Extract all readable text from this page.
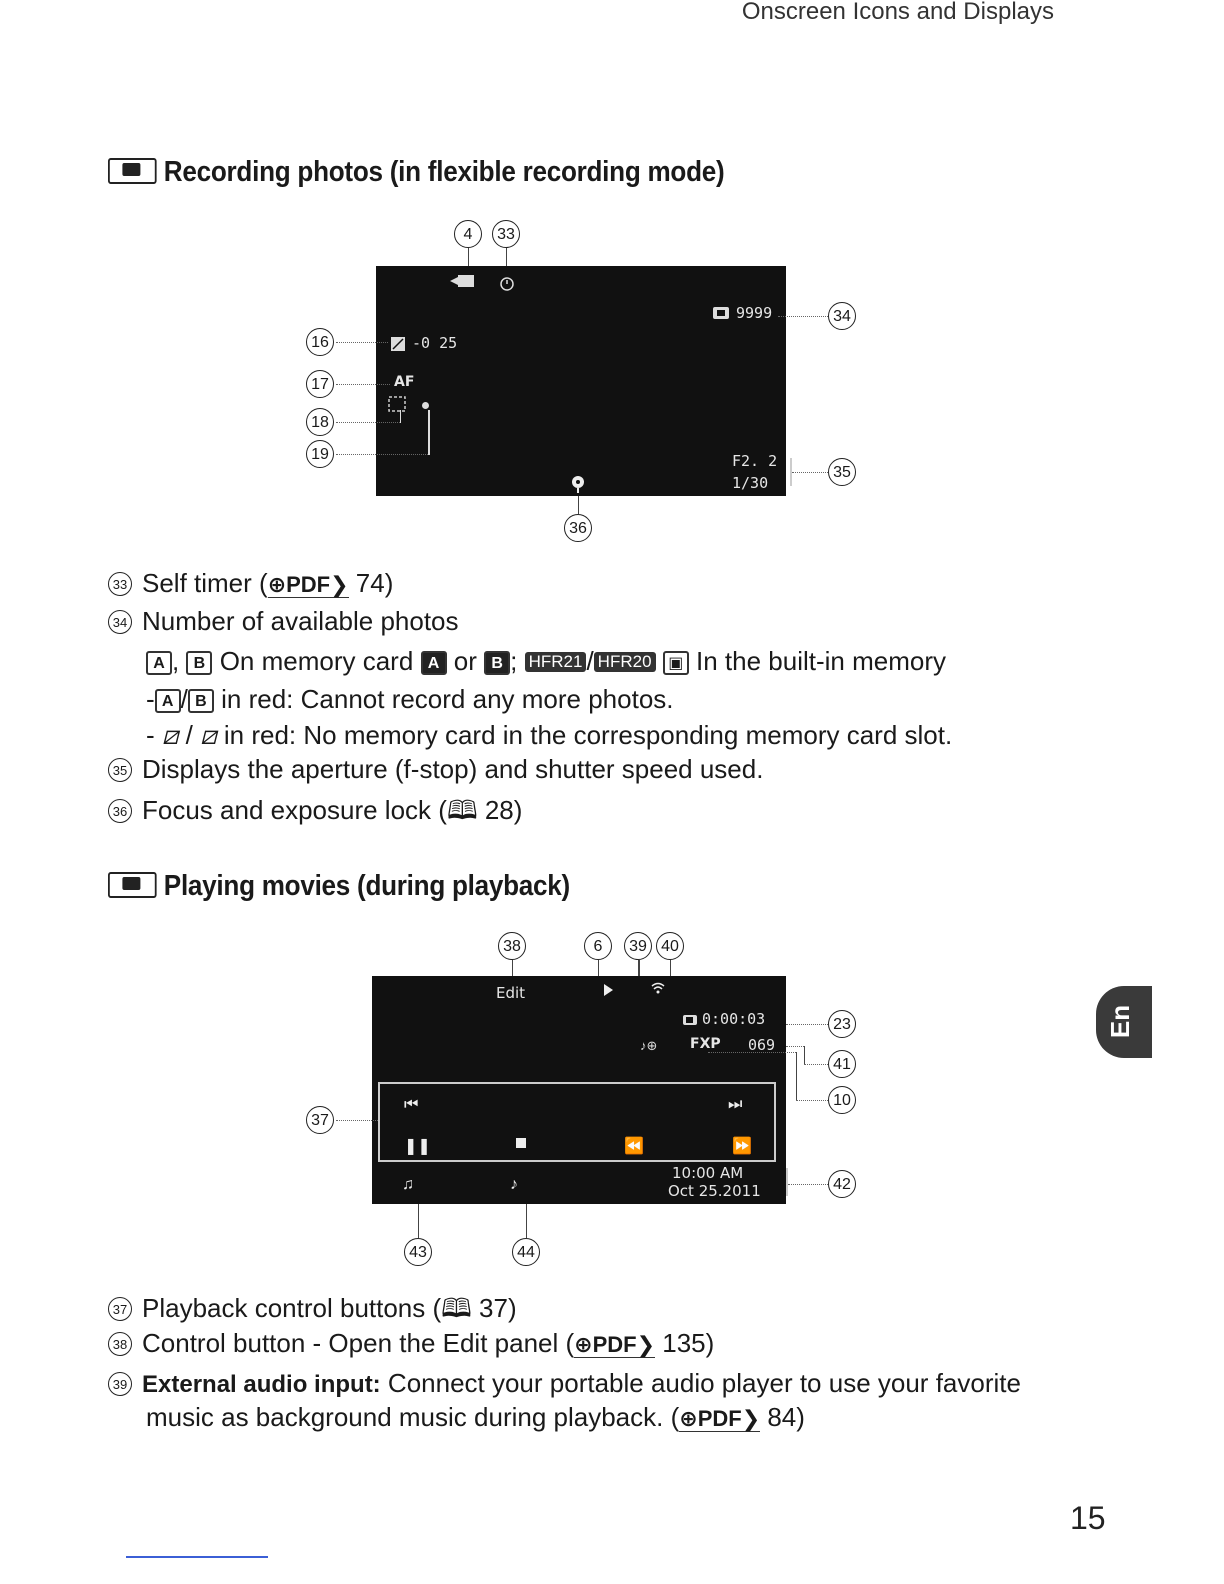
Onscreen Icons and Displays
Recording photos (in flexible recording mode)
4	33
-0 25
AF
9999
F2. 2
1/30
16
17
18
19
34
35
36
33 Self timer (⊕PDF❯ 74)
34 Number of available photos
A , B On memory card A or B ; HFR21 / HFR20 ▣ In the built-in memory
- A / B in red: Cannot record any more photos.
- ⧄ / ⧄ in red: No memory card in the corresponding memory card slot.
35 Displays the aperture (f-stop) and shutter speed used.
36 Focus and exposure lock (🕮 28)
Playing movies (during playback)
38	6	39 40
Edit
0:00:03
♪⊕ FXP 069
⏮	⏭
❚❚	⏪	⏩
10:00 AM
Oct 25.2011
♫	♪
23
41
10
37
42
43	44
37 Playback control buttons (🕮 37)
38 Control button - Open the Edit panel (⊕PDF❯ 135)
39 External audio input: Connect your portable audio player to use your favorite
music as background music during playback. (⊕PDF❯ 84)
En
15
